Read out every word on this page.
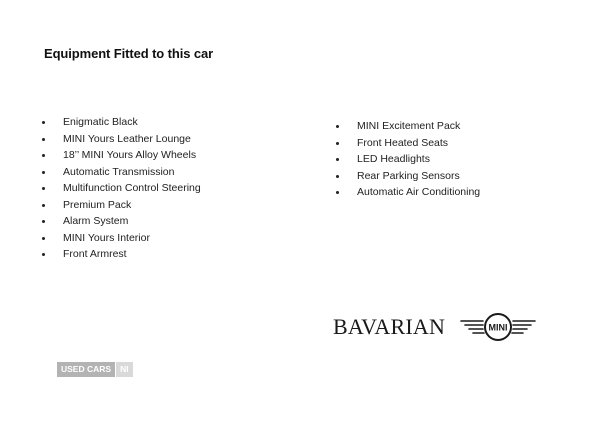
Equipment Fitted to this car
Enigmatic Black
MINI Yours Leather Lounge
18’’ MINI Yours Alloy Wheels
Automatic Transmission
Multifunction Control Steering
Premium Pack
Alarm System
MINI Yours Interior
Front Armrest
MINI Excitement Pack
Front Heated Seats
LED Headlights
Rear Parking Sensors
Automatic Air Conditioning
BAVARIAN	MINI
USED CARS	NI
